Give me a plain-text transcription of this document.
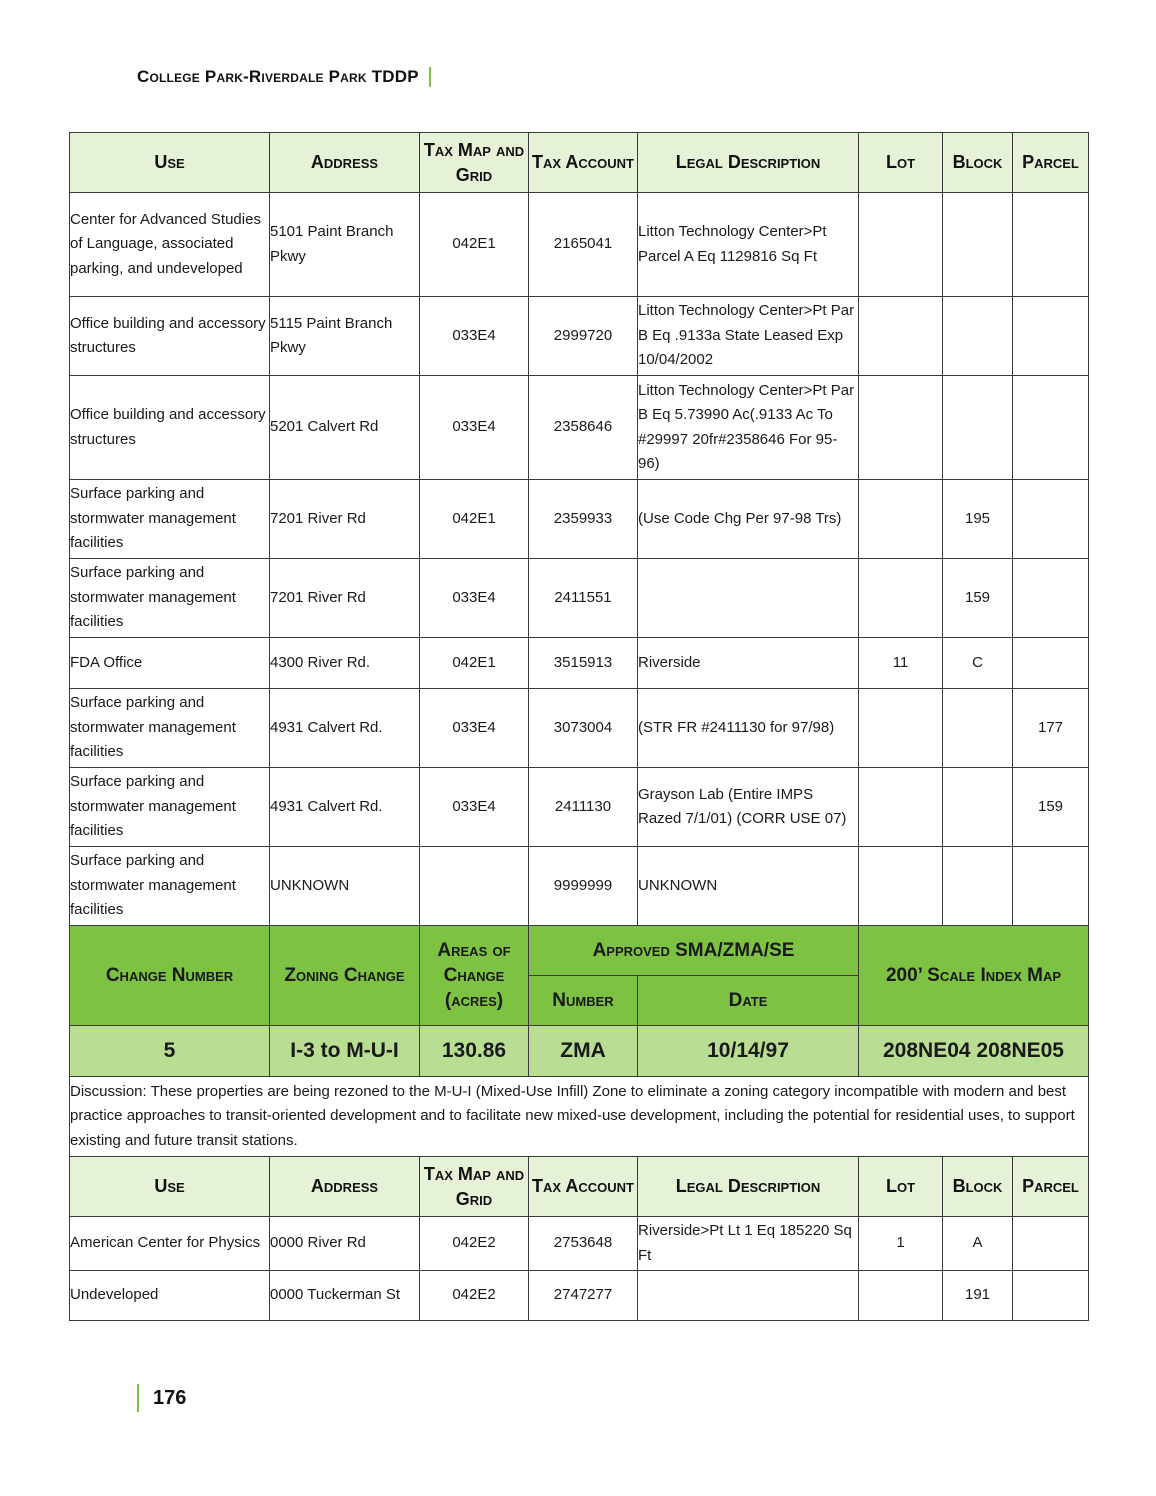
College Park-Riverdale Park TDDP
Use	Address	Tax Map and Grid	Tax Account	Legal Description	Lot	Block	Parcel
Center for Advanced Studies of Language, associated parking, and undeveloped	5101 Paint Branch Pkwy	042E1	2165041	Litton Technology Center>Pt Parcel A Eq 1129816 Sq Ft			
Office building and accessory structures	5115 Paint Branch Pkwy	033E4	2999720	Litton Technology Center>Pt Par B Eq .9133a State Leased Exp 10/04/2002			
Office building and accessory structures	5201 Calvert Rd	033E4	2358646	Litton Technology Center>Pt Par B Eq 5.73990 Ac(.9133 Ac To #29997 20fr#2358646 For 95-96)			
Surface parking and stormwater management facilities	7201 River Rd	042E1	2359933	(Use Code Chg Per 97-98 Trs)		195	
Surface parking and stormwater management facilities	7201 River Rd	033E4	2411551			159	
FDA Office	4300 River Rd.	042E1	3515913	Riverside	11	C	
Surface parking and stormwater management facilities	4931 Calvert Rd.	033E4	3073004	(STR FR #2411130 for 97/98)			177
Surface parking and stormwater management facilities	4931 Calvert Rd.	033E4	2411130	Grayson Lab (Entire IMPS Razed 7/1/01) (CORR USE 07)			159
Surface parking and stormwater management facilities	UNKNOWN		9999999	UNKNOWN			
Change Number	Zoning Change	Areas of Change (acres)	Approved SMA/ZMA/SE		200’ Scale Index Map		
			Number	Date			
5	I-3 to M-U-I	130.86	ZMA	10/14/97	208NE04 208NE05		
Discussion: These properties are being rezoned to the M-U-I (Mixed-Use Infill) Zone to eliminate a zoning category incompatible with modern and best practice approaches to transit-oriented development and to facilitate new mixed-use development, including the potential for residential uses, to support existing and future transit stations.							
Use	Address	Tax Map and Grid	Tax Account	Legal Description	Lot	Block	Parcel
American Center for Physics	0000 River Rd	042E2	2753648	Riverside>Pt Lt 1 Eq 185220 Sq Ft	1	A	
Undeveloped	0000 Tuckerman St	042E2	2747277			191	
176
